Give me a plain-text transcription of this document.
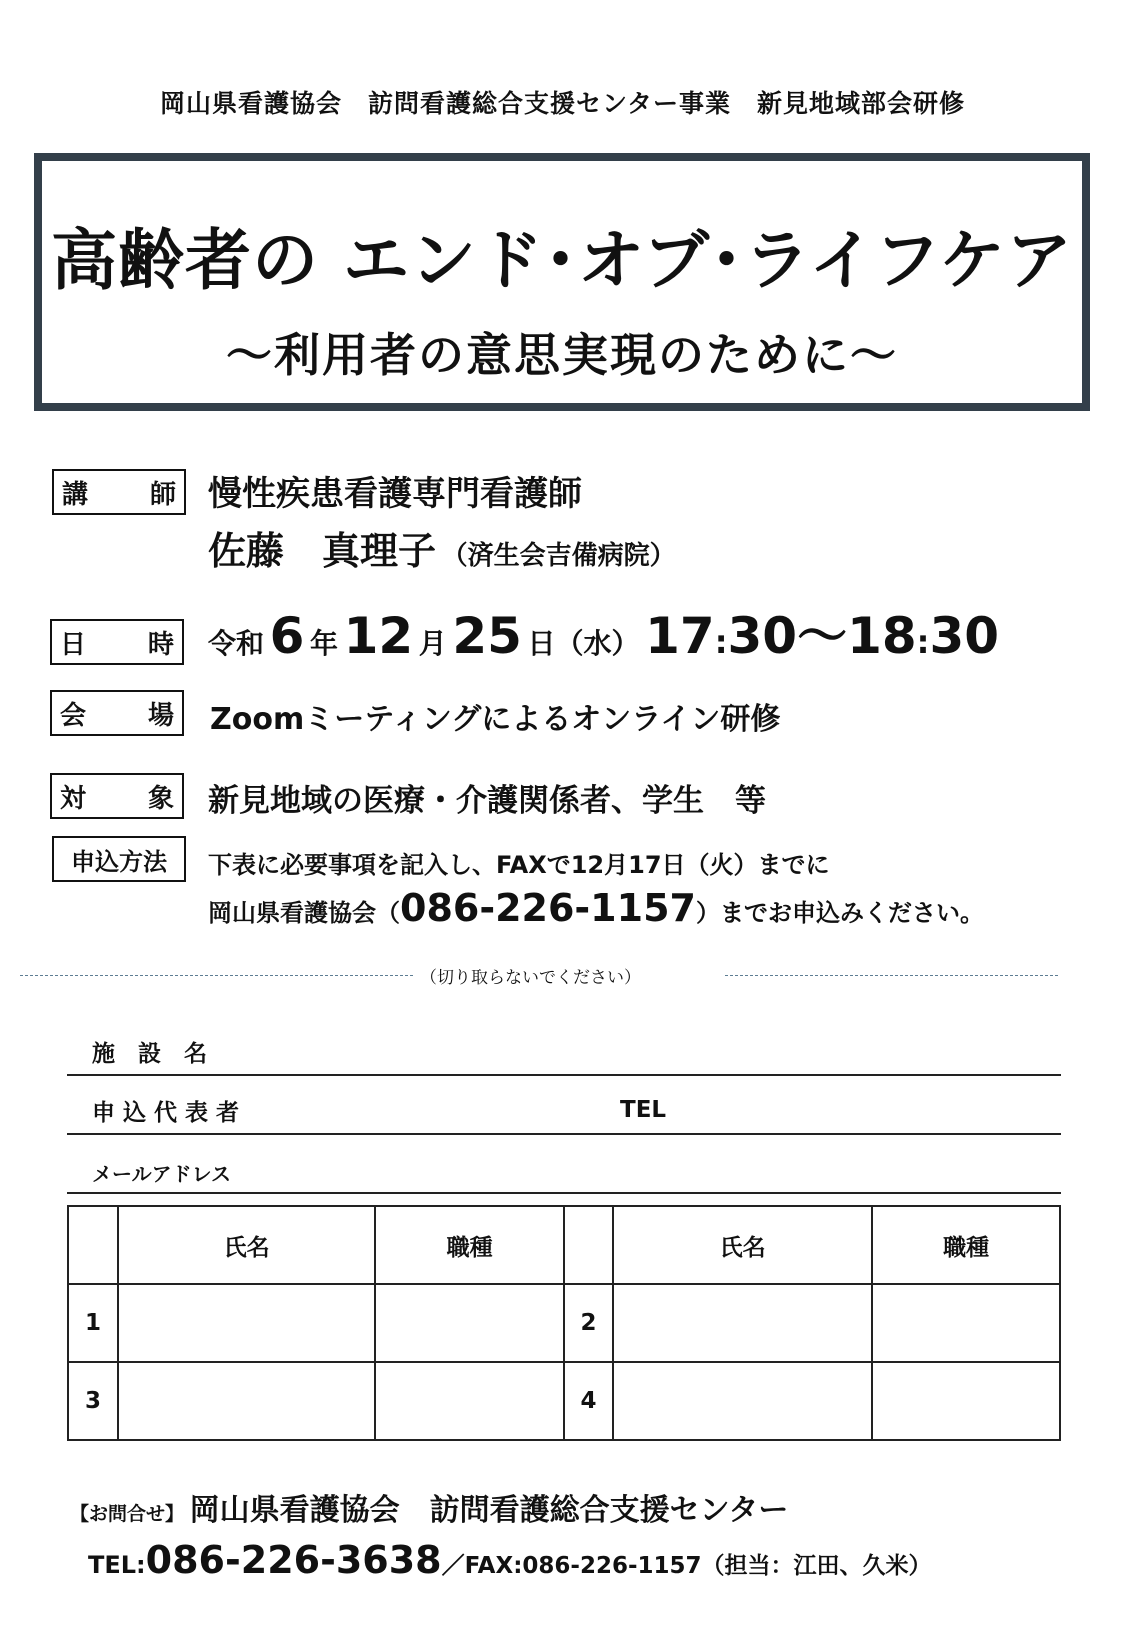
岡山県看護協会　訪問看護総合支援センター事業　新見地域部会研修
高齢者の エンド･オブ･ライフケア
～利用者の意思実現のために～
講 師 慢性疾患看護専門看護師
佐藤　真理子 （済生会吉備病院）
日 時 令和 6 年 12 月 25 日（水） 17:30～18:30
会 場 Zoomミーティングによるオンライン研修
対 象 新見地域の医療・介護関係者、学生　等
申込方法	下表に必要事項を記入し、FAXで12月17日（火）までに
岡山県看護協会（086-226-1157）までお申込みください。
（切り取らないでください）
施　設　名
申 込 代 表 者	TEL
メールアドレス
	氏名	職種		氏名	職種
1			2		
3			4		
【お問合せ】 岡山県看護協会　訪問看護総合支援センター
TEL:086-226-3638／FAX:086-226-1157（担当：江田、久米）
